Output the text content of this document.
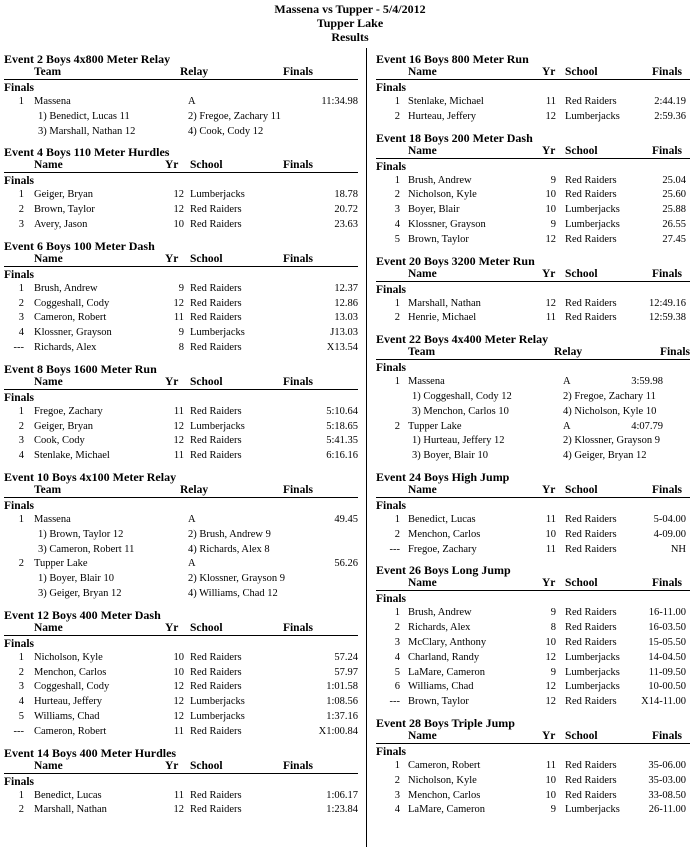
Massena vs Tupper - 5/4/2012
Tupper Lake
Results
Event 2 Boys 4x800 Meter Relay
Team	Relay	Finals
Finals
1 Massena	A	11:34.98
1) Benedict, Lucas 11	2) Fregoe, Zachary 11
3) Marshall, Nathan 12	4) Cook, Cody 12
Event 4 Boys 110 Meter Hurdles
Name	Yr School	Finals
Finals
1 Geiger, Bryan	12 Lumberjacks	18.78
2 Brown, Taylor	12 Red Raiders	20.72
3 Avery, Jason	10 Red Raiders	23.63
Event 6 Boys 100 Meter Dash
Name	Yr School	Finals
Finals
1 Brush, Andrew	9 Red Raiders	12.37
2 Coggeshall, Cody	12 Red Raiders	12.86
3 Cameron, Robert	11 Red Raiders	13.03
4 Klossner, Grayson	9 Lumberjacks	J13.03
--- Richards, Alex	8 Red Raiders	X13.54
Event 8 Boys 1600 Meter Run
Name	Yr School	Finals
Finals
1 Fregoe, Zachary	11 Red Raiders	5:10.64
2 Geiger, Bryan	12 Lumberjacks	5:18.65
3 Cook, Cody	12 Red Raiders	5:41.35
4 Stenlake, Michael	11 Red Raiders	6:16.16
Event 10 Boys 4x100 Meter Relay
Team	Relay	Finals
Finals
1 Massena	A	49.45
1) Brown, Taylor 12	2) Brush, Andrew 9
3) Cameron, Robert 11	4) Richards, Alex 8
2 Tupper Lake	A	56.26
1) Boyer, Blair 10	2) Klossner, Grayson 9
3) Geiger, Bryan 12	4) Williams, Chad 12
Event 12 Boys 400 Meter Dash
Name	Yr School	Finals
Finals
1 Nicholson, Kyle	10 Red Raiders	57.24
2 Menchon, Carlos	10 Red Raiders	57.97
3 Coggeshall, Cody	12 Red Raiders	1:01.58
4 Hurteau, Jeffery	12 Lumberjacks	1:08.56
5 Williams, Chad	12 Lumberjacks	1:37.16
--- Cameron, Robert	11 Red Raiders	X1:00.84
Event 14 Boys 400 Meter Hurdles
Name	Yr School	Finals
Finals
1 Benedict, Lucas	11 Red Raiders	1:06.17
2 Marshall, Nathan	12 Red Raiders	1:23.84
Event 16 Boys 800 Meter Run
Name	Yr School	Finals
Finals
1 Stenlake, Michael	11 Red Raiders	2:44.19
2 Hurteau, Jeffery	12 Lumberjacks	2:59.36
Event 18 Boys 200 Meter Dash
Name	Yr School	Finals
Finals
1 Brush, Andrew	9 Red Raiders	25.04
2 Nicholson, Kyle	10 Red Raiders	25.60
3 Boyer, Blair	10 Lumberjacks	25.88
4 Klossner, Grayson	9 Lumberjacks	26.55
5 Brown, Taylor	12 Red Raiders	27.45
Event 20 Boys 3200 Meter Run
Name	Yr School	Finals
Finals
1 Marshall, Nathan	12 Red Raiders	12:49.16
2 Henrie, Michael	11 Red Raiders	12:59.38
Event 22 Boys 4x400 Meter Relay
Team	Relay	Finals
Finals
1 Massena	A	3:59.98
1) Coggeshall, Cody 12	2) Fregoe, Zachary 11
3) Menchon, Carlos 10	4) Nicholson, Kyle 10
2 Tupper Lake	A	4:07.79
1) Hurteau, Jeffery 12	2) Klossner, Grayson 9
3) Boyer, Blair 10	4) Geiger, Bryan 12
Event 24 Boys High Jump
Name	Yr School	Finals
Finals
1 Benedict, Lucas	11 Red Raiders	5-04.00
2 Menchon, Carlos	10 Red Raiders	4-09.00
--- Fregoe, Zachary	11 Red Raiders	NH
Event 26 Boys Long Jump
Name	Yr School	Finals
Finals
1 Brush, Andrew	9 Red Raiders	16-11.00
2 Richards, Alex	8 Red Raiders	16-03.50
3 McClary, Anthony	10 Red Raiders	15-05.50
4 Charland, Randy	12 Lumberjacks	14-04.50
5 LaMare, Cameron	9 Lumberjacks	11-09.50
6 Williams, Chad	12 Lumberjacks	10-00.50
--- Brown, Taylor	12 Red Raiders X14-11.00
Event 28 Boys Triple Jump
Name	Yr School	Finals
Finals
1 Cameron, Robert	11 Red Raiders	35-06.00
2 Nicholson, Kyle	10 Red Raiders	35-03.00
3 Menchon, Carlos	10 Red Raiders	33-08.50
4 LaMare, Cameron	9 Lumberjacks	26-11.00
